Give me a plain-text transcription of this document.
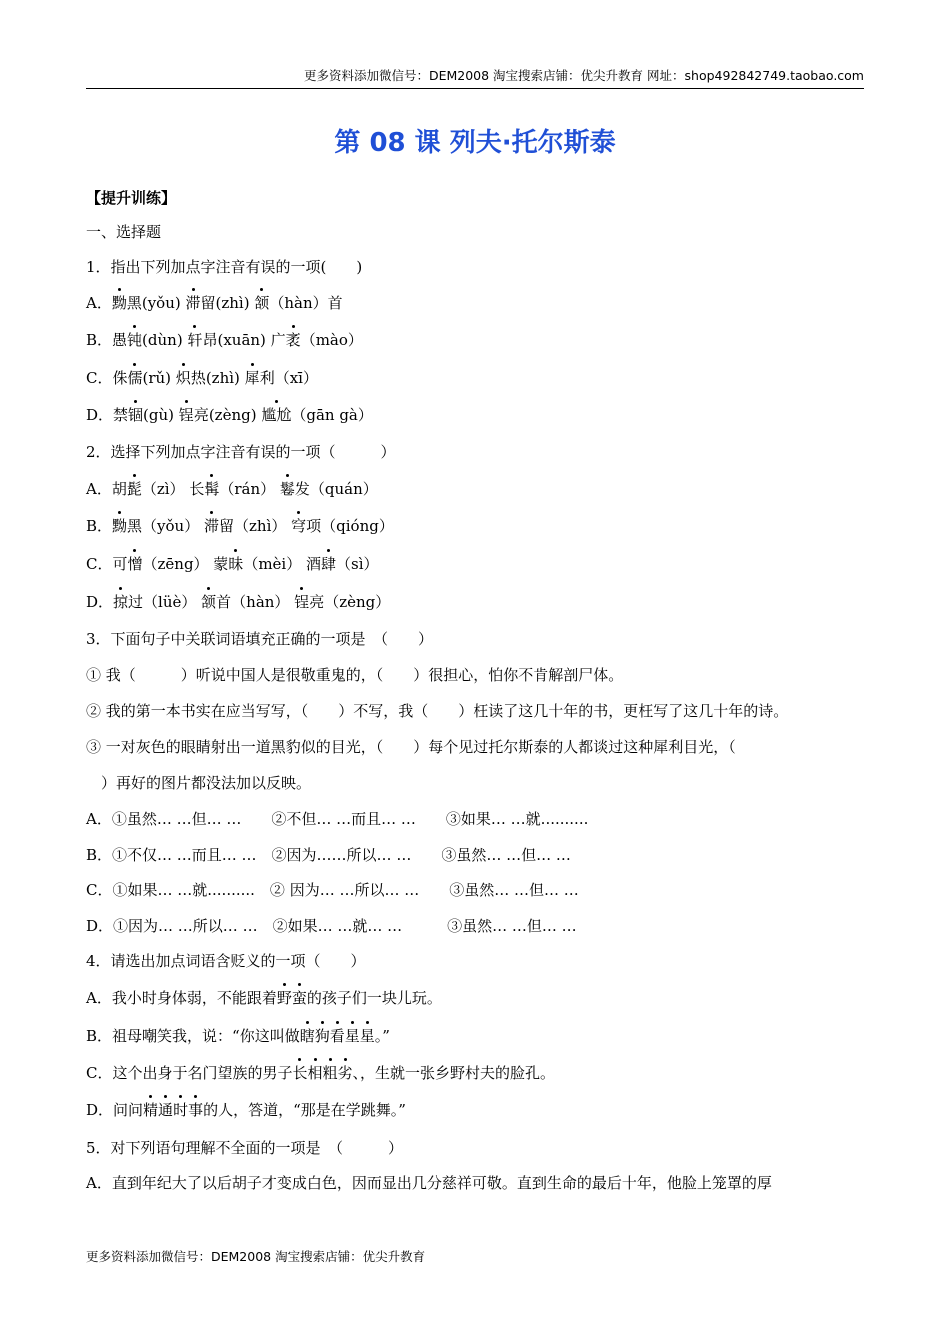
更多资料添加微信号：DEM2008 淘宝搜索店铺：优尖升教育 网址：shop492842749.taobao.com
第 08 课 列夫·托尔斯泰
【提升训练】
一、选择题
1．指出下列加点字注音有误的一项(　　)
A．黝黑(yǒu) 滞留(zhì) 颔（hàn）首
B．愚钝(dùn) 轩昂(xuān) 广袤（mào）
C．侏儒(rǔ) 炽热(zhì) 犀利（xī）
D．禁锢(gù) 锃亮(zèng) 尴尬（gān gà）
2．选择下列加点字注音有误的一项（　　　）
A．胡髭（zì） 长髯（rán） 鬈发（quán）
B．黝黑（yǒu） 滞留（zhì） 穹项（qióng）
C．可憎（zēng） 蒙昧（mèi） 酒肆（sì）
D．掠过（lüè） 颔首（hàn） 锃亮（zèng）
3．下面句子中关联词语填充正确的一项是　（　　）
① 我（　　　）听说中国人是很敬重鬼的，（　　）很担心，怕你不肯解剖尸体。
② 我的第一本书实在应当写写，（　　）不写，我（　　）枉读了这几十年的书，更枉写了这几十年的诗。
③ 一对灰色的眼睛射出一道黑豹似的目光，（　　）每个见过托尔斯泰的人都谈过这种犀利目光，（
　）再好的图片都没法加以反映。
A．①虽然… …但… …　　②不但… …而且… …　　③如果… …就..........
B．①不仅… …而且… …　②因为……所以… …　　③虽然… …但… …
C．①如果… …就..........　② 因为… …所以… …　　③虽然… …但… …
D．①因为… …所以… …　②如果… …就… …　　　③虽然… …但… …
4．请选出加点词语含贬义的一项（　　）
A．我小时身体弱，不能跟着野蛮的孩子们一块儿玩。
B．祖母嘲笑我，说：“你这叫做瞎狗看星星。”
C．这个出身于名门望族的男子长相粗劣、，生就一张乡野村夫的脸孔。
D．问问精通时事的人，答道，“那是在学跳舞。”
5．对下列语句理解不全面的一项是　（　　　）
A．直到年纪大了以后胡子才变成白色，因而显出几分慈祥可敬。直到生命的最后十年，他脸上笼罩的厚
更多资料添加微信号：DEM2008 淘宝搜索店铺：优尖升教育
